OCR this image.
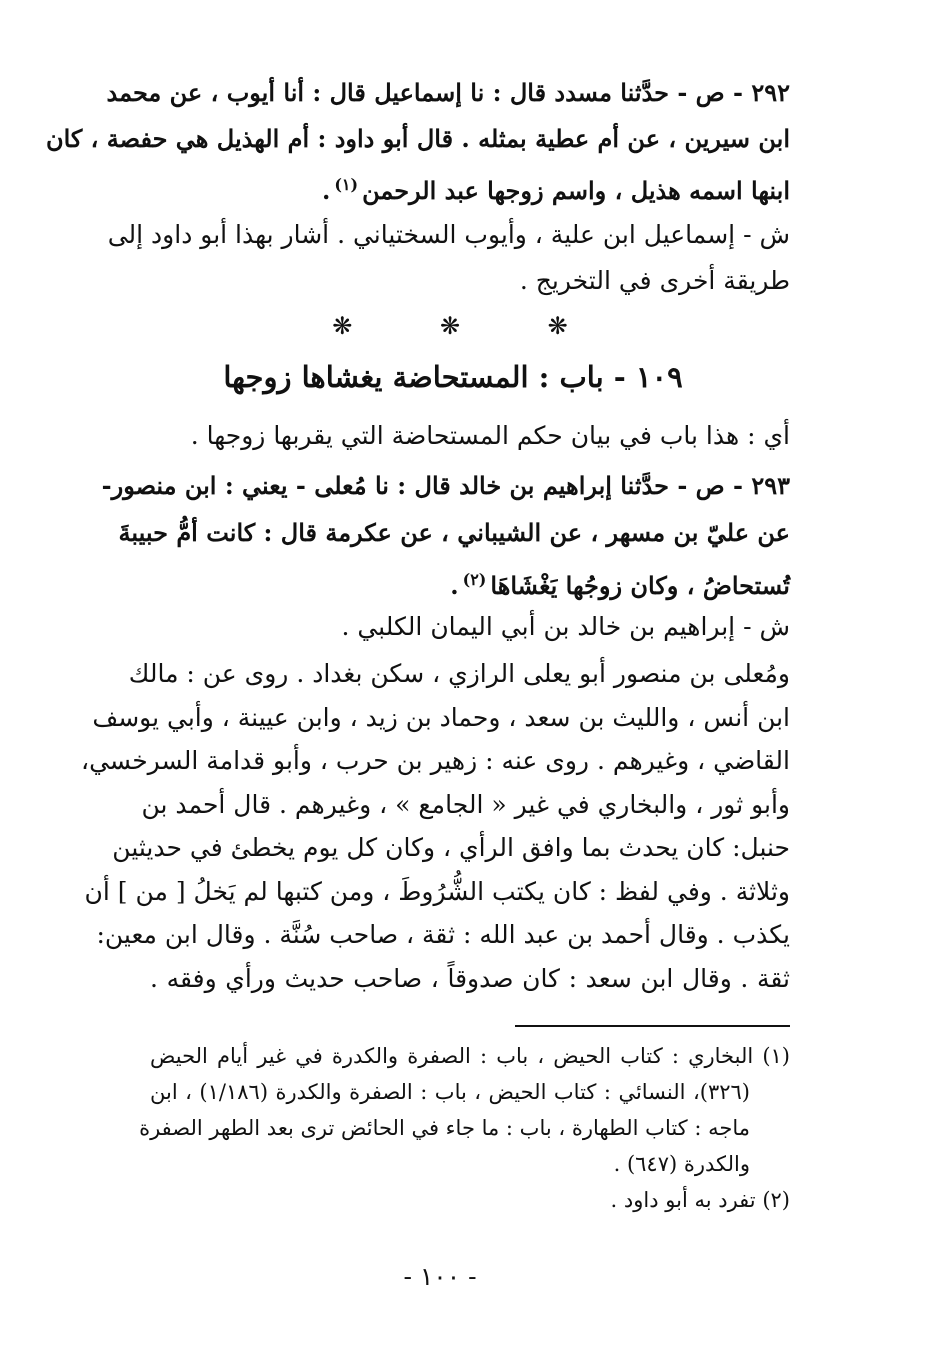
٢٩٢ - ص - حدَّثنا مسدد قال : نا إسماعيل قال : أنا أيوب ، عن محمد
ابن سيرين ، عن أم عطية بمثله . قال أبو داود : أم الهذيل هي حفصة ، كان
ابنها اسمه هذيل ، واسم زوجها عبد الرحمن$^{(١)}$.
ش - إسماعيل ابن علية ، وأيوب السختياني . أشار بهذا أبو داود إلى
طريقة أخرى في التخريج .
❋ ❋ ❋
١٠٩ - باب : المستحاضة يغشاها زوجها
أي : هذا باب في بيان حكم المستحاضة التي يقربها زوجها .
٢٩٣ - ص - حدَّثنا إبراهيم بن خالد قال : نا مُعلى - يعني : ابن منصور-
عن عليّ بن مسهر ، عن الشيباني ، عن عكرمة قال : كانت أمُّ حبيبةَ
تُستحاضُ ، وكان زوجُها يَغْشَاهَا$^{(٢)}$.
ش - إبراهيم بن خالد بن أبي اليمان الكلبي .
ومُعلى بن منصور أبو يعلى الرازي ، سكن بغداد . روى عن : مالك
ابن أنس ، والليث بن سعد ، وحماد بن زيد ، وابن عيينة ، وأبي يوسف
القاضي ، وغيرهم . روى عنه : زهير بن حرب ، وأبو قدامة السرخسي،
وأبو ثور ، والبخاري في غير « الجامع » ، وغيرهم . قال أحمد بن
حنبل: كان يحدث بما وافق الرأي ، وكان كل يوم يخطئ في حديثين
وثلاثة . وفي لفظ : كان يكتب الشُّرُوطَ ، ومن كتبها لم يَخلُ [ من ] أن
يكذب . وقال أحمد بن عبد الله : ثقة ، صاحب سُنَّة . وقال ابن معين:
ثقة . وقال ابن سعد : كان صدوقاً ، صاحب حديث ورأي وفقه .
(١) البخاري : كتاب الحيض ، باب : الصفرة والكدرة في غير أيام الحيض
(٣٢٦)، النسائي : كتاب الحيض ، باب : الصفرة والكدرة (١/١٨٦) ، ابن
ماجه : كتاب الطهارة ، باب : ما جاء في الحائض ترى بعد الطهر الصفرة
والكدرة (٦٤٧) .
(٢) تفرد به أبو داود .
- ١٠٠ -
